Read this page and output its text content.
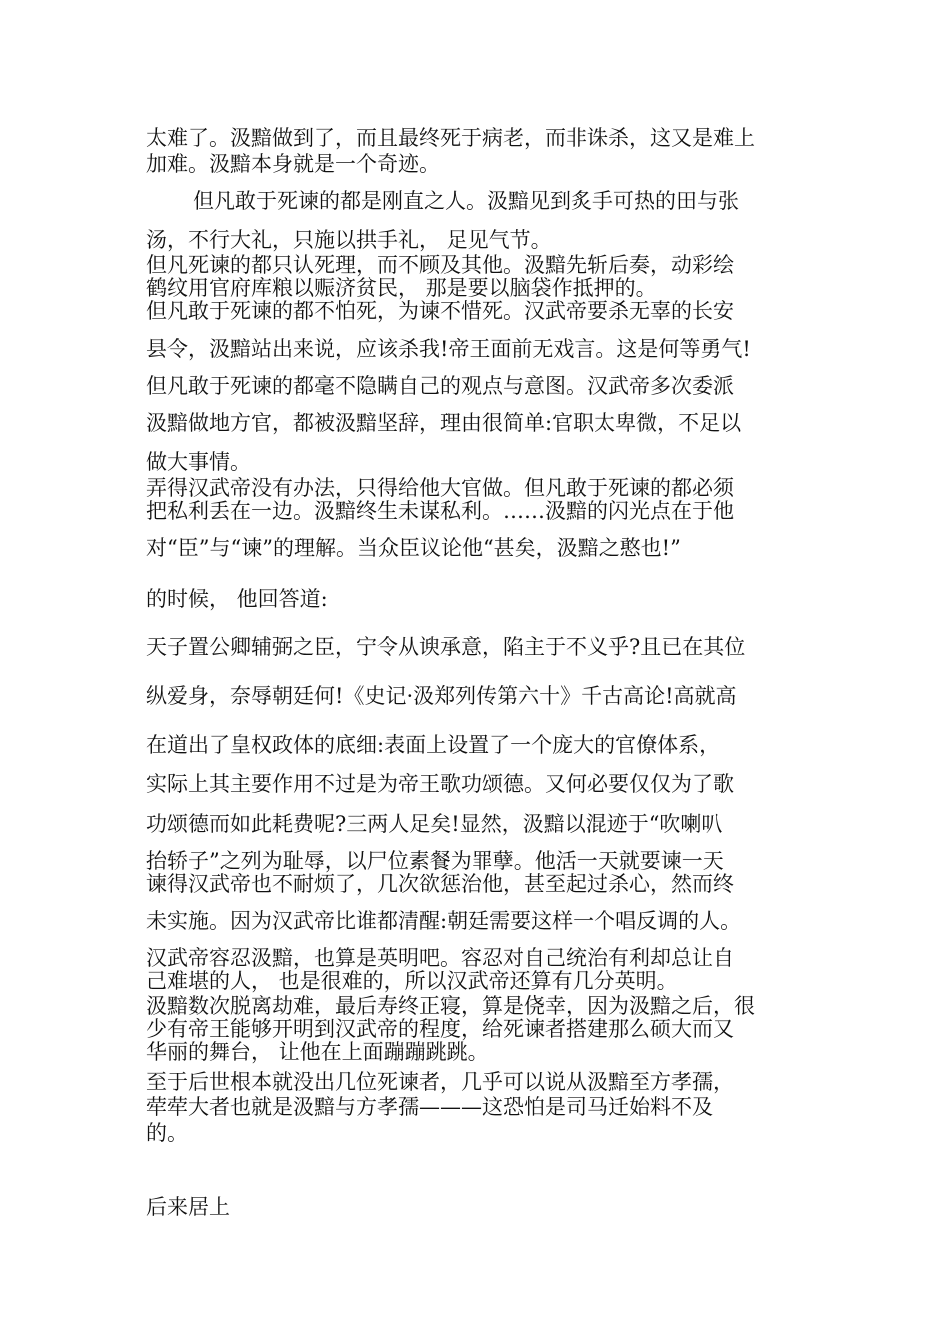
太难了。汲黯做到了，而且最终死于病老，而非诛杀，这又是难上
加难。汲黯本身就是一个奇迹。
但凡敢于死谏的都是刚直之人。汲黯见到炙手可热的田与张
汤，不行大礼，只施以拱手礼， 足见气节。
但凡死谏的都只认死理，而不顾及其他。汲黯先斩后奏，动彩绘
鹤纹用官府库粮以赈济贫民， 那是要以脑袋作抵押的。
但凡敢于死谏的都不怕死，为谏不惜死。汉武帝要杀无辜的长安
县令，汲黯站出来说，应该杀我!帝王面前无戏言。这是何等勇气!
但凡敢于死谏的都毫不隐瞒自己的观点与意图。汉武帝多次委派
汲黯做地方官，都被汲黯坚辞，理由很简单:官职太卑微，不足以
做大事情。
弄得汉武帝没有办法，只得给他大官做。但凡敢于死谏的都必须
把私利丢在一边。汲黯终生未谋私利。……汲黯的闪光点在于他
对“臣”与“谏”的理解。当众臣议论他“甚矣，汲黯之憨也!”
的时候， 他回答道:
天子置公卿辅弼之臣，宁令从谀承意，陷主于不义乎?且已在其位
纵爱身，奈辱朝廷何!《史记·汲郑列传第六十》千古高论!高就高
在道出了皇权政体的底细:表面上设置了一个庞大的官僚体系，
实际上其主要作用不过是为帝王歌功颂德。又何必要仅仅为了歌
功颂德而如此耗费呢?三两人足矣!显然，汲黯以混迹于“吹喇叭
抬轿子”之列为耻辱，以尸位素餐为罪孽。他活一天就要谏一天
谏得汉武帝也不耐烦了，几次欲惩治他，甚至起过杀心，然而终
未实施。因为汉武帝比谁都清醒:朝廷需要这样一个唱反调的人。
汉武帝容忍汲黯，也算是英明吧。容忍对自己统治有利却总让自
己难堪的人， 也是很难的，所以汉武帝还算有几分英明。
汲黯数次脱离劫难，最后寿终正寝，算是侥幸，因为汲黯之后，很
少有帝王能够开明到汉武帝的程度，给死谏者搭建那么硕大而又
华丽的舞台， 让他在上面蹦蹦跳跳。
至于后世根本就没出几位死谏者，几乎可以说从汲黯至方孝孺，
荦荦大者也就是汲黯与方孝孺———这恐怕是司马迁始料不及
的。
后来居上
